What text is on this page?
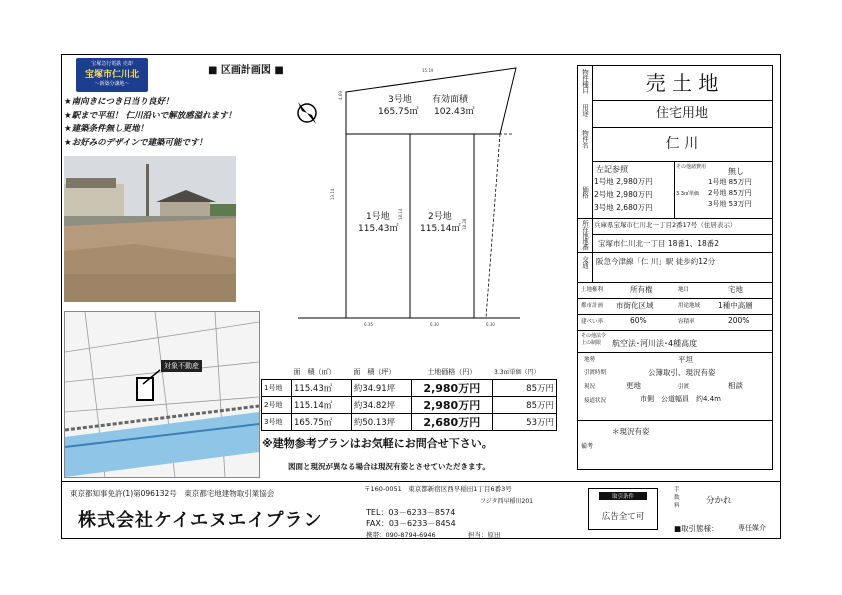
宝塚急行電鉄 売却
宝塚市仁川北
～新築分譲地～
■ 区画計画図 ■
★南向きにつき日当り良好！
★駅まで平坦！ 仁川沿いで解放感溢れます！
★建築条件無し更地！
★お好みのデザインで建築可能です！
対象不動産
15.19
4.69
13.14
18.14
18.28
6.35	6.30	6.30
3号地
165.75㎡
有効面積
102.43㎡
1号地
115.43㎡
2号地
115.14㎡
	面　積（㎡）	面　積（坪）	土地価格（円）	3.3㎡単価（円）
1号地	115.43㎡	約34.91坪	2,980万円	85万円
2号地	115.14㎡	約34.82坪	2,980万円	85万円
3号地	165.75㎡	約50.13坪	2,680万円	53万円
※建物参考プランはお気軽にお問合せ下さい。
図面と現況が異なる場合は現況有姿とさせていただきます。
物件種目
用途
物件名
売 土 地
住宅用地
仁 川
価格
左記参照
1号地 2,980万円
2号地 2,980万円
3号地 2,680万円
その他諸費用	無し
3.3㎡単価
1号地 85万円
2号地 85万円
3号地 53万円
所在地 兵庫県宝塚市仁川北一丁目2番17号（住居表示）
地番 宝塚市仁川北一丁目 18番1、18番2
交通 阪急今津線「仁 川」駅 徒歩約12分
土地権利	所有権	地目	宅地
都市計画 市街化区域	用途地域 1種中高層
建ぺい率	60%	容積率	200%
その他法令上の制限	航空法･河川法･4種高度
地勢	平坦
引渡時期	公簿取引、現況有姿
現況	更地	引渡	相談
接道状況	市側　公道幅員　約4.4m
備考
＊現況有姿
東京都知事免許(1)第096132号　東京都宅地建物取引業協会
株式会社ケイエヌエイプラン
〒160-0051　東京都新宿区西早稲田1丁目6番3号
フジタ西早稲田201
TEL：03－6233－8574
FAX：03－6233－8454
携帯：090-8794-6946	担当：原田
取引条件
広告全て可
手数料	分かれ
■取引態様：	専任媒介
